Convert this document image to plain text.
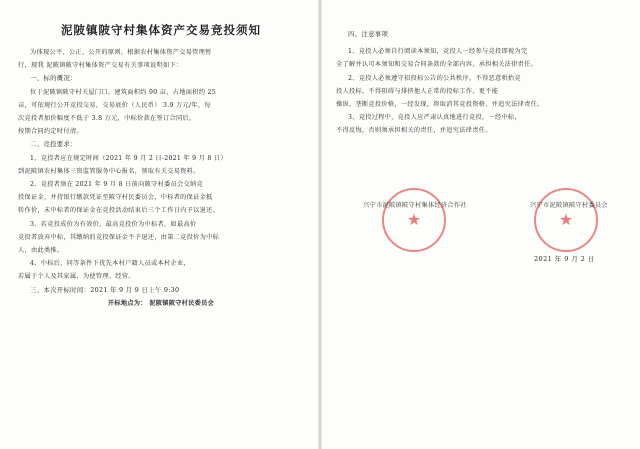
泥陂镇陂守村集体资产交易竞投须知

为体现公平、公正、公开的原则，根据农村集体资产交易管理暂

行，现我 泥陂镇陂守村集体资产交易有关事项说明如下：

一、标的概况：

位于泥陂镇陂守村关屋门口，建筑面积约 90 亩，占地面积约 25

亩，可依规行公开竞投交易，交易底价（人民币） 3.9 万元/年，每

次竞投者加价幅度不低于 3.8 万元，中标价款在签订合同后，

按期合同约定时付清。

二、竞投要求：

1、竞投者应在规定时间（2021 年 9 月 2 日-2021 年 9 月 8 日）

到泥陂镇农村集体三资监管服务中心报名，领取有关交易资料。

2、竞投者须在 2021 年 9 月 8 日前向陂守村委员会交纳竞

投保证金，并持银行缴款凭证至陂守村民委员会，中标者的保证金抵

转作价，未中标者的保证金在竞投活动结束后三个工作日内予以退还。

3、若竞投成价为有效价，最高竞投价为中标者，如最高价

竞投者放弃中标，其缴纳的竞投保证金不予退还，由第二竞投价为中标

人，由此类推。

4、中标后，同等条件下优先本村户籍人员或本村企业，

若属于个人及其家属，为使管理、经营。

三、本次开标时间：2021 年 9 月 9 日上午 9:30

开标地点为： 泥陂镇陂守村民委员会

四、注意事项

1、竞投人必须自行阅读本须知，竞投人一经参与竞投即视为完

全了解并认可本须知和交易合同条款的全部内容，承担相关法律责任。

2、竞投人必须遵守招投标公告的公共秩序，不得恶意哄抬竞

投人投标，不得阻碍与排挤他人正常的投标工作，更不能

操纵、垄断竞投价格，一经发现，将取消其竞投资格，并追究法律责任。

3、竞投过程中，竞投人应严肃认真地进行竞投，一经中标，

不得反悔，否则须承担相关的责任，并追究法律责任。

★	★
兴宁市泥陂镇陂守村集体经济合作社	兴宁市泥陂镇陂守村委员会
2021 年 9 月 2 日
